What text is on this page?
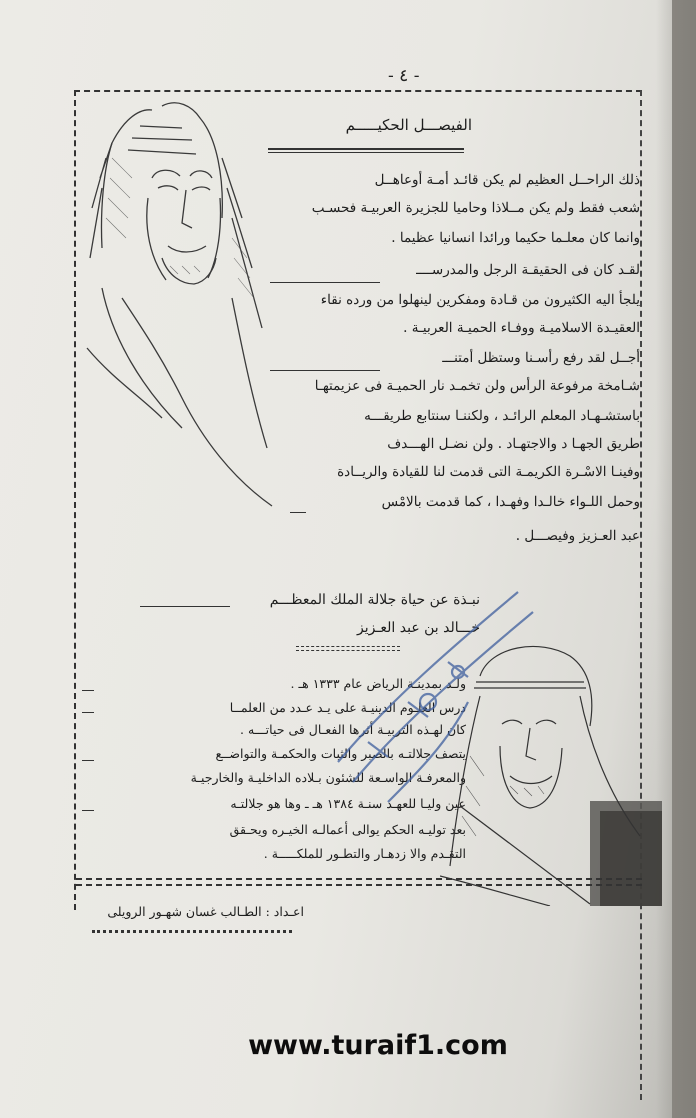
- ٤ -
الفيصـــل الحكيـــــم
ذلك الراحــل العظيم لم يكن قائـد أمـة أوعاهــل
شعب فقط ولم يكن مــلاذا وحاميا للجزيرة العربيـة فحسـب
وانما كان معلـما حكيما ورائدا انسانيا عظيما .
لقـد كان فى الحقيقـة الرجل والمدرســــ
يلجأ اليه الكثيرون من قـادة ومفكرين لينهلوا من ورده نقاء
العقيـدة الاسلاميـة ووفـاء الحميـة العربيـة .
أجــل لقد رفع رأسـنا وستظل أمتنـــ
شـامخة مرفوعة الرأس ولن تخمـد نار الحميـة فى عزيمتهـا
باستشـهـاد المعلم الرائـد ، ولكننـا سنتابع طريقـــه
طريق الجهـا د والاجتهـاد . ولن نضـل الهـــدف
وفينـا الاسْـرة الكريمـة التى قدمت لنا للقيادة والريــادة
وحمل اللـواء خالـدا وفهـدا ، كما قدمت بالامْس
عبد العـزيز وفيصـــل .
نبـذة عن حياة جلالة الملك المعظـــم
خـــالد بن عبد العـزيز
ولـد بمدينـة الرياض عام ١٣٣٣ هـ .
درس العلـوم الدينيـة على يـد عـدد من العلمــا
كان لهـذه التربيـة أثرها الفعـال فى حياتـــه .
يتصف جلالتـه بالصبر والثبات والحكمـة والتواضــع
والمعرفـة الواسـعة للشئون بـلاده الداخليـة والخارجيـة
عين وليـا للعهـد سنـة ١٣٨٤ هـ ـ وها هو جلالتـه
بعد توليـه الحكم يوالى أعمالـه الخيـره ويحـقق
التقـدم والا زدهـار والتطـور للملكـــــة .
اعـداد : الطـالب غسان شهـور الرويلى
www.turaif1.com
